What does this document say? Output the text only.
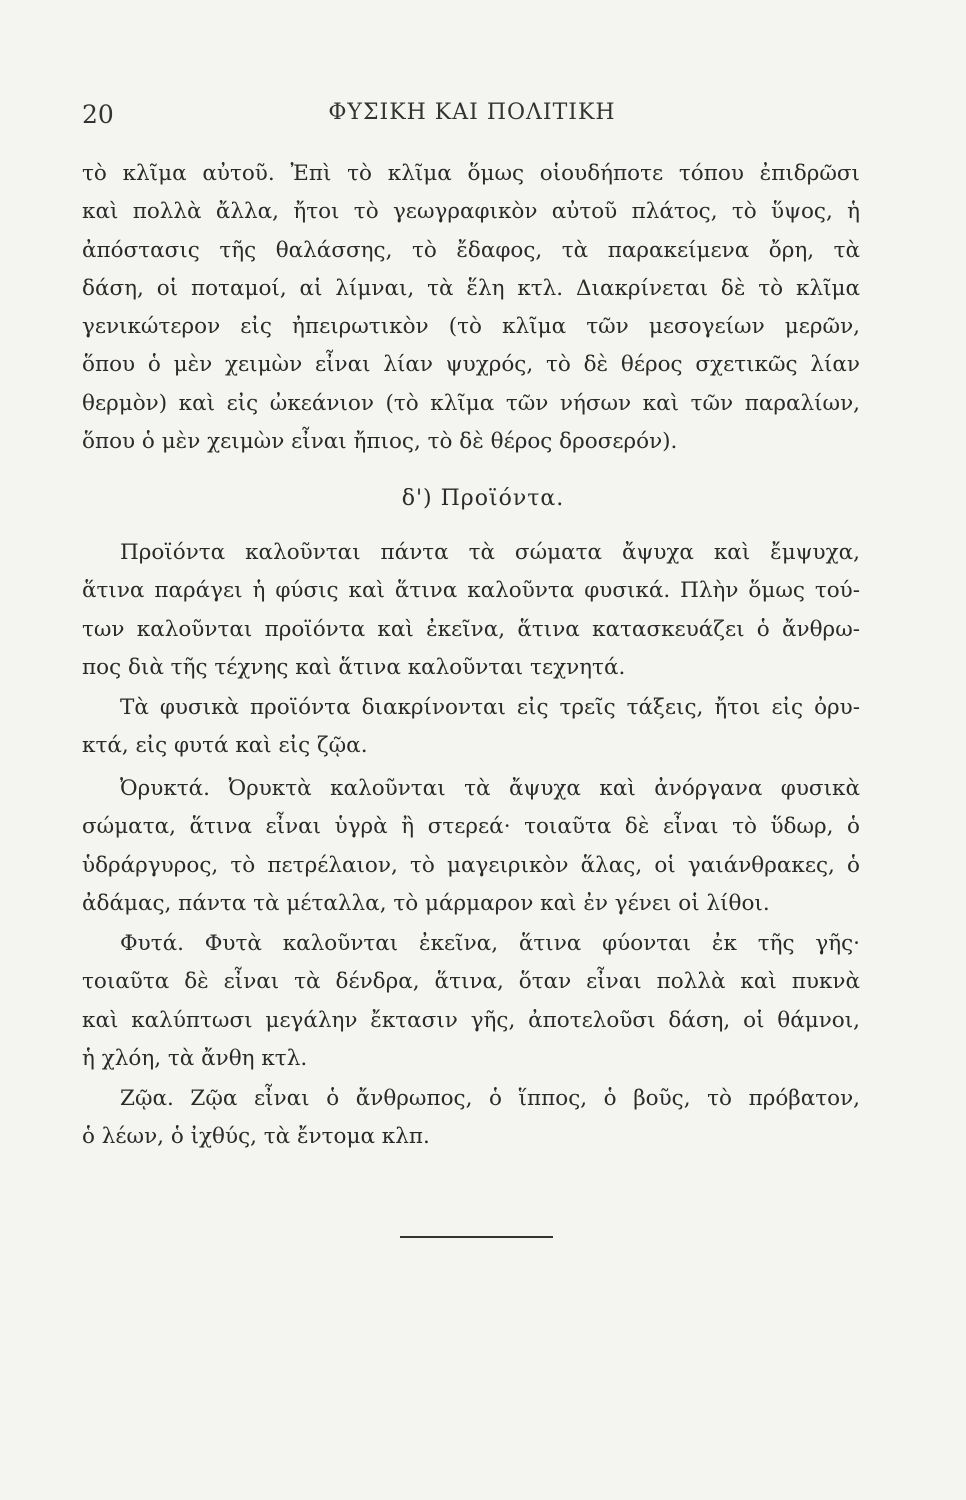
20	ΦΥΣΙΚΗ ΚΑΙ ΠΟΛΙΤΙΚΗ
τὸ κλῖμα αὐτοῦ. Ἐπὶ τὸ κλῖμα ὅμως οἱουδήποτε τόπου ἐπιδρῶσι
καὶ πολλὰ ἄλλα, ἤτοι τὸ γεωγραφικὸν αὐτοῦ πλάτος, τὸ ὕψος, ἡ
ἀπόστασις τῆς θαλάσσης, τὸ ἔδαφος, τὰ παρακείμενα ὄρη, τὰ
δάση, οἱ ποταμοί, αἱ λίμναι, τὰ ἕλη κτλ. Διακρίνεται δὲ τὸ κλῖμα
γενικώτερον εἰς ἠπειρωτικὸν (τὸ κλῖμα τῶν μεσογείων μερῶν,
ὅπου ὁ μὲν χειμὼν εἶναι λίαν ψυχρός, τὸ δὲ θέρος σχετικῶς λίαν
θερμὸν) καὶ εἰς ὠκεάνιον (τὸ κλῖμα τῶν νήσων καὶ τῶν παραλίων,
ὅπου ὁ μὲν χειμὼν εἶναι ἤπιος, τὸ δὲ θέρος δροσερόν).
δ') Προϊόντα.
Προϊόντα καλοῦνται πάντα τὰ σώματα ἄψυχα καὶ ἔμψυχα,
ἅτινα παράγει ἡ φύσις καὶ ἅτινα καλοῦντα φυσικά. Πλὴν ὅμως τού-
των καλοῦνται προϊόντα καὶ ἐκεῖνα, ἅτινα κατασκευάζει ὁ ἄνθρω-
πος διὰ τῆς τέχνης καὶ ἅτινα καλοῦνται τεχνητά.
Τὰ φυσικὰ προϊόντα διακρίνονται εἰς τρεῖς τάξεις, ἤτοι εἰς ὀρυ-
κτά, εἰς φυτά καὶ εἰς ζῷα.
Ὀρυκτά. Ὀρυκτὰ καλοῦνται τὰ ἄψυχα καὶ ἀνόργανα φυσικὰ
σώματα, ἅτινα εἶναι ὑγρὰ ἢ στερεά· τοιαῦτα δὲ εἶναι τὸ ὕδωρ, ὁ
ὑδράργυρος, τὸ πετρέλαιον, τὸ μαγειρικὸν ἅλας, οἱ γαιάνθρακες, ὁ
ἀδάμας, πάντα τὰ μέταλλα, τὸ μάρμαρον καὶ ἐν γένει οἱ λίθοι.
Φυτά. Φυτὰ καλοῦνται ἐκεῖνα, ἅτινα φύονται ἐκ τῆς γῆς·
τοιαῦτα δὲ εἶναι τὰ δένδρα, ἅτινα, ὅταν εἶναι πολλὰ καὶ πυκνὰ
καὶ καλύπτωσι μεγάλην ἔκτασιν γῆς, ἀποτελοῦσι δάση, οἱ θάμνοι,
ἡ χλόη, τὰ ἄνθη κτλ.
Ζῷα. Ζῷα εἶναι ὁ ἄνθρωπος, ὁ ἵππος, ὁ βοῦς, τὸ πρόβατον,
ὁ λέων, ὁ ἰχθύς, τὰ ἔντομα κλπ.
